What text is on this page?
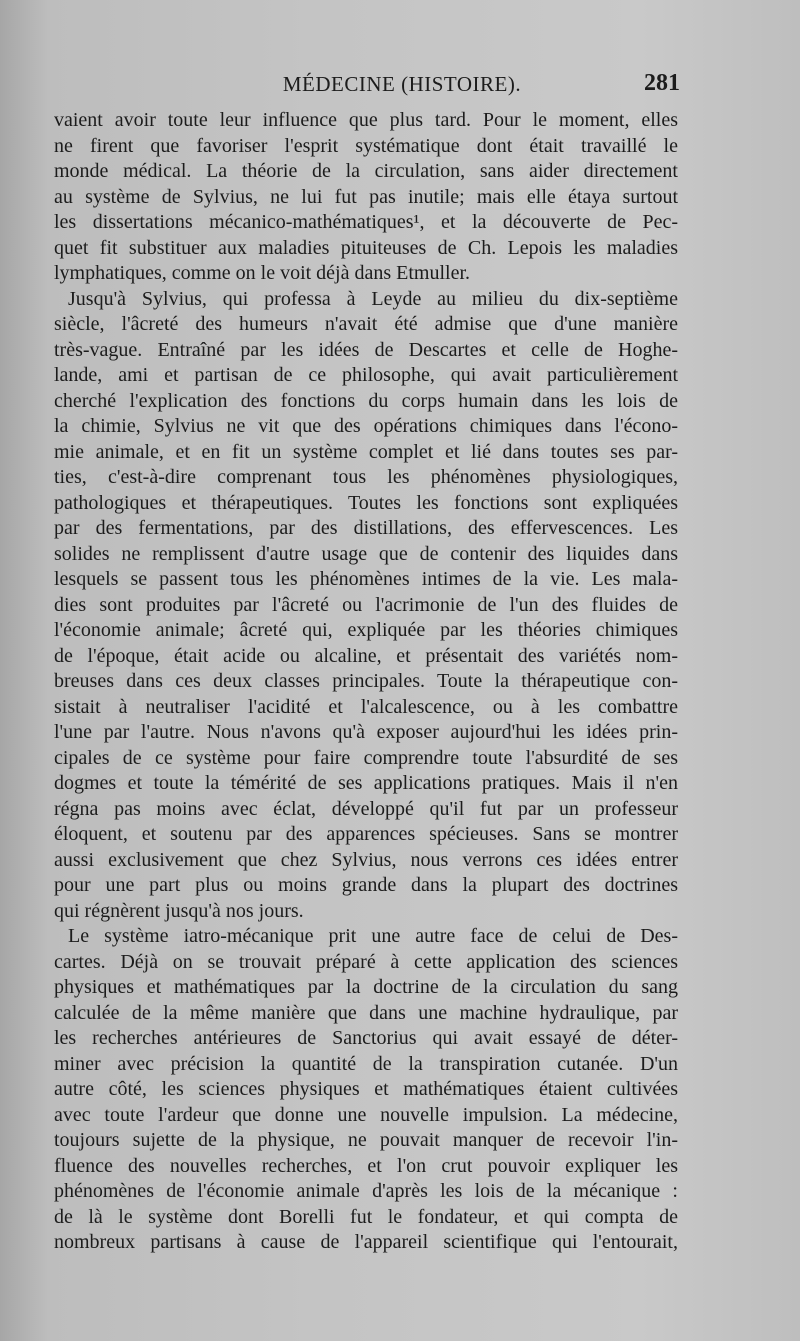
MÉDECINE (HISTOIRE).	281
vaient avoir toute leur influence que plus tard. Pour le moment, elles
ne firent que favoriser l'esprit systématique dont était travaillé le
monde médical. La théorie de la circulation, sans aider directement
au système de Sylvius, ne lui fut pas inutile; mais elle étaya surtout
les dissertations mécanico-mathématiques¹, et la découverte de Pec-
quet fit substituer aux maladies pituiteuses de Ch. Lepois les maladies
lymphatiques, comme on le voit déjà dans Etmuller.
Jusqu'à Sylvius, qui professa à Leyde au milieu du dix-septième
siècle, l'âcreté des humeurs n'avait été admise que d'une manière
très-vague. Entraîné par les idées de Descartes et celle de Hoghe-
lande, ami et partisan de ce philosophe, qui avait particulièrement
cherché l'explication des fonctions du corps humain dans les lois de
la chimie, Sylvius ne vit que des opérations chimiques dans l'écono-
mie animale, et en fit un système complet et lié dans toutes ses par-
ties, c'est-à-dire comprenant tous les phénomènes physiologiques,
pathologiques et thérapeutiques. Toutes les fonctions sont expliquées
par des fermentations, par des distillations, des effervescences. Les
solides ne remplissent d'autre usage que de contenir des liquides dans
lesquels se passent tous les phénomènes intimes de la vie. Les mala-
dies sont produites par l'âcreté ou l'acrimonie de l'un des fluides de
l'économie animale; âcreté qui, expliquée par les théories chimiques
de l'époque, était acide ou alcaline, et présentait des variétés nom-
breuses dans ces deux classes principales. Toute la thérapeutique con-
sistait à neutraliser l'acidité et l'alcalescence, ou à les combattre
l'une par l'autre. Nous n'avons qu'à exposer aujourd'hui les idées prin-
cipales de ce système pour faire comprendre toute l'absurdité de ses
dogmes et toute la témérité de ses applications pratiques. Mais il n'en
régna pas moins avec éclat, développé qu'il fut par un professeur
éloquent, et soutenu par des apparences spécieuses. Sans se montrer
aussi exclusivement que chez Sylvius, nous verrons ces idées entrer
pour une part plus ou moins grande dans la plupart des doctrines
qui régnèrent jusqu'à nos jours.
Le système iatro-mécanique prit une autre face de celui de Des-
cartes. Déjà on se trouvait préparé à cette application des sciences
physiques et mathématiques par la doctrine de la circulation du sang
calculée de la même manière que dans une machine hydraulique, par
les recherches antérieures de Sanctorius qui avait essayé de déter-
miner avec précision la quantité de la transpiration cutanée. D'un
autre côté, les sciences physiques et mathématiques étaient cultivées
avec toute l'ardeur que donne une nouvelle impulsion. La médecine,
toujours sujette de la physique, ne pouvait manquer de recevoir l'in-
fluence des nouvelles recherches, et l'on crut pouvoir expliquer les
phénomènes de l'économie animale d'après les lois de la mécanique :
de là le système dont Borelli fut le fondateur, et qui compta de
nombreux partisans à cause de l'appareil scientifique qui l'entourait,
